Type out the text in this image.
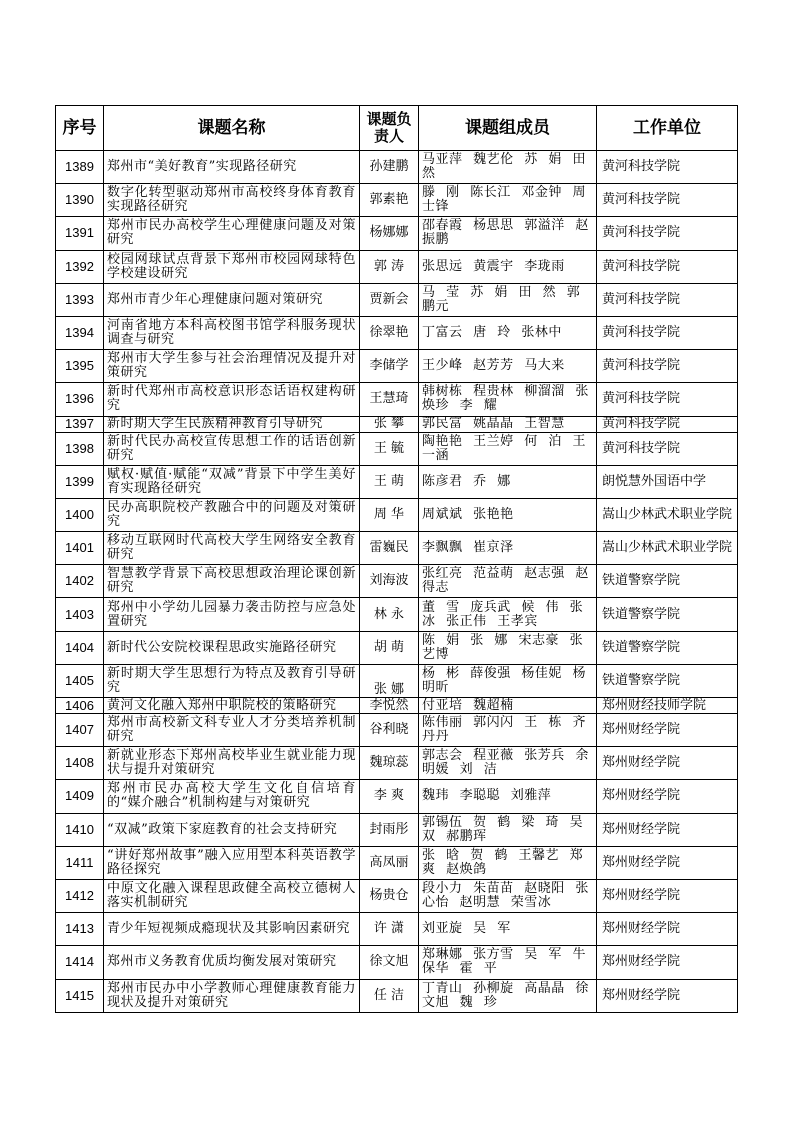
序号	课题名称	课题负责人	课题组成员	工作单位
1389	郑州市“美好教育”实现路径研究	孙建鹏	马亚萍 魏艺伦 苏 娟 田 然	黄河科技学院
1390	数字化转型驱动郑州市高校终身体育教育实现路径研究	郭素艳	滕 刚 陈长江 邓金钟 周士锋	黄河科技学院
1391	郑州市民办高校学生心理健康问题及对策研究	杨娜娜	邵春霞 杨思思 郭溢洋 赵振鹏	黄河科技学院
1392	校园网球试点背景下郑州市校园网球特色学校建设研究	郭 涛	张思远 黄震宇 李珑雨	黄河科技学院
1393	郑州市青少年心理健康问题对策研究	贾新会	马 莹 苏 娟 田 然 郭鹏元	黄河科技学院
1394	河南省地方本科高校图书馆学科服务现状调查与研究	徐翠艳	丁富云 唐 玲 张林中	黄河科技学院
1395	郑州市大学生参与社会治理情况及提升对策研究	李储学	王少峰 赵芳芳 马大来	黄河科技学院
1396	新时代郑州市高校意识形态话语权建构研究	王慧琦	韩树栋 程贵林 柳溜溜 张焕珍 李 耀	黄河科技学院
1397	新时期大学生民族精神教育引导研究	张 攀	郭民富 姚晶晶 王智慧	黄河科技学院
1398	新时代民办高校宣传思想工作的话语创新研究	王 毓	陶艳艳 王兰婷 何 泊 王一涵	黄河科技学院
1399	赋权·赋值·赋能“双减”背景下中学生美好育实现路径研究	王 萌	陈彦君 乔 娜	朗悦慧外国语中学
1400	民办高职院校产教融合中的问题及对策研究	周 华	周斌斌 张艳艳	嵩山少林武术职业学院
1401	移动互联网时代高校大学生网络安全教育研究	雷巍民	李飘飘 崔京泽	嵩山少林武术职业学院
1402	智慧教学背景下高校思想政治理论课创新研究	刘海波	张红亮 范益萌 赵志强 赵得志	铁道警察学院
1403	郑州中小学幼儿园暴力袭击防控与应急处置研究	林 永	董 雪 庞兵武 候 伟 张 冰 张正伟 王孝宾	铁道警察学院
1404	新时代公安院校课程思政实施路径研究	胡 萌	陈 娟 张 娜 宋志豪 张艺博	铁道警察学院
1405	新时期大学生思想行为特点及教育引导研究	张 娜	杨 彬 薛俊强 杨佳妮 杨明昕	铁道警察学院
1406	黄河文化融入郑州中职院校的策略研究	李悦然	付亚培 魏超楠	郑州财经技师学院
1407	郑州市高校新文科专业人才分类培养机制研究	谷利晓	陈伟丽 郭闪闪 王 栋 齐丹丹	郑州财经学院
1408	新就业形态下郑州高校毕业生就业能力现状与提升对策研究	魏琼蕊	郭志会 程亚薇 张芳兵 余明媛 刘 洁	郑州财经学院
1409	郑州市民办高校大学生文化自信培育的“媒介融合”机制构建与对策研究	李 爽	魏玮 李聪聪 刘雅萍	郑州财经学院
1410	“双减”政策下家庭教育的社会支持研究	封雨彤	郭锡伍 贺 鹤 梁 琦 吴 双 郝鹏珲	郑州财经学院
1411	“讲好郑州故事”融入应用型本科英语教学路径探究	高凤丽	张 晗 贺 鹤 王馨艺 郑 爽 赵焕鸽	郑州财经学院
1412	中原文化融入课程思政健全高校立德树人落实机制研究	杨贵仓	段小力 朱苗苗 赵晓阳 张心怡 赵明慧 荣雪冰	郑州财经学院
1413	青少年短视频成瘾现状及其影响因素研究	许 潇	刘亚旋 吴 军	郑州财经学院
1414	郑州市义务教育优质均衡发展对策研究	徐文旭	郑琳娜 张方雪 吴 军 牛保华 霍 平	郑州财经学院
1415	郑州市民办中小学教师心理健康教育能力现状及提升对策研究	任 洁	丁青山 孙柳旋 高晶晶 徐文旭 魏 珍	郑州财经学院
